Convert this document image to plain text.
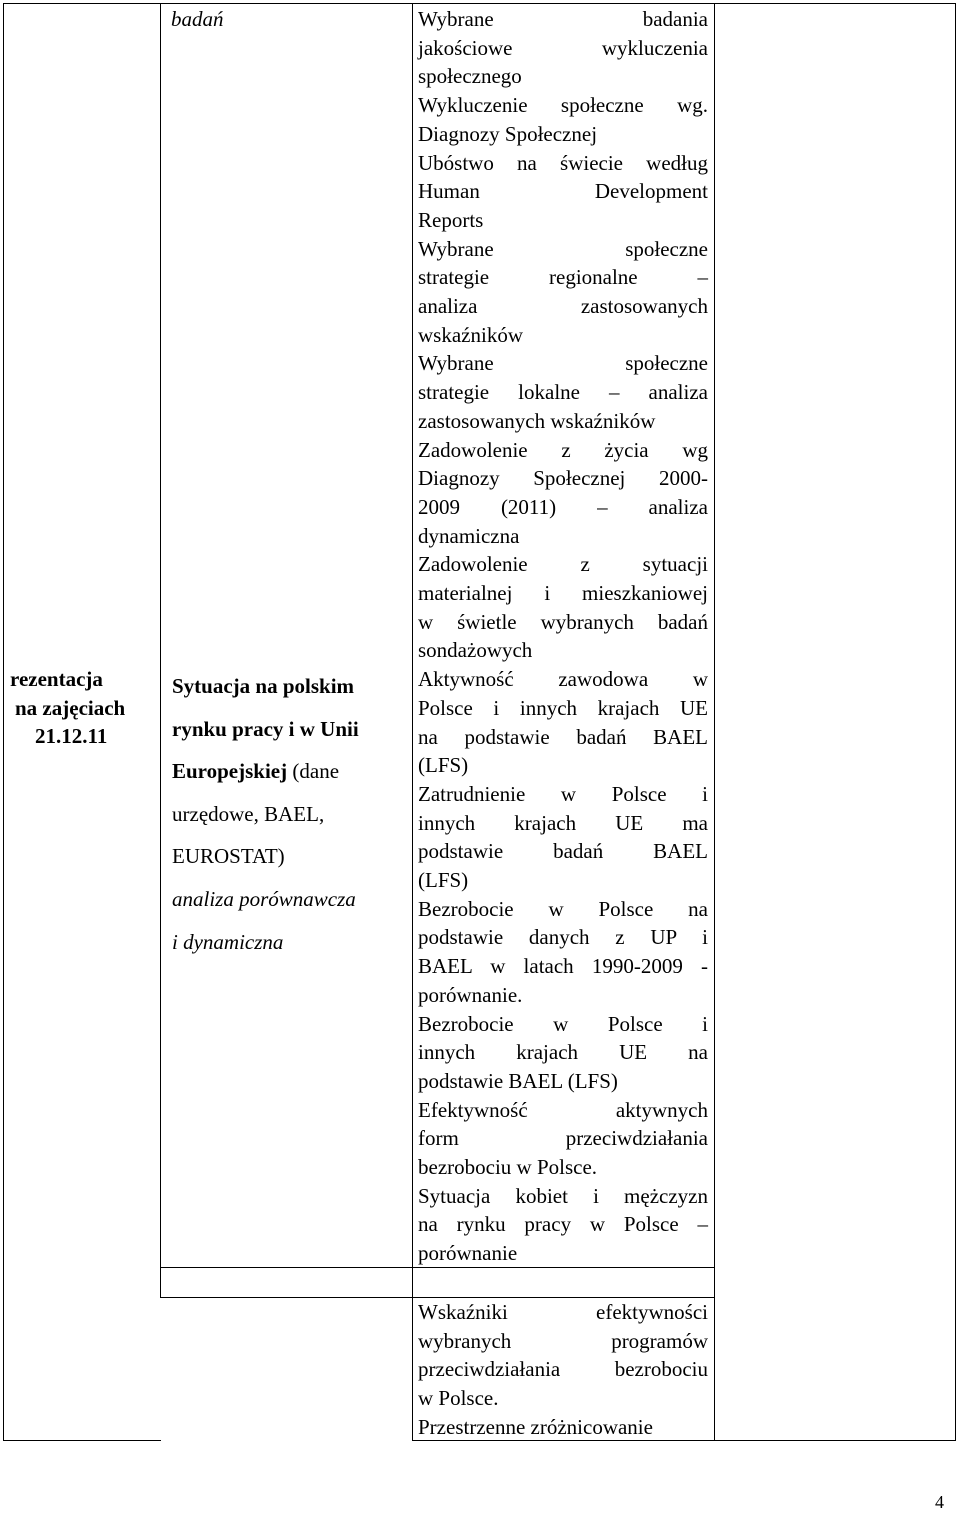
rezentacja
na zajęciach
21.12.11
badań
Sytuacja na polskim
rynku pracy i w Unii
Europejskiej (dane
urzędowe, BAEL,
EUROSTAT)
analiza porównawcza
i dynamiczna
Wybrane badania
jakościowe wykluczenia
społecznego
Wykluczenie społeczne wg.
Diagnozy Społecznej
Ubóstwo na świecie według
Human Development
Reports
Wybrane społeczne
strategie regionalne –
analiza zastosowanych
wskaźników
Wybrane społeczne
strategie lokalne – analiza
zastosowanych wskaźników
Zadowolenie z życia wg
Diagnozy Społecznej 2000-
2009 (2011) – analiza
dynamiczna
Zadowolenie z sytuacji
materialnej i mieszkaniowej
w świetle wybranych badań
sondażowych
Aktywność zawodowa w
Polsce i innych krajach UE
na podstawie badań BAEL
(LFS)
Zatrudnienie w Polsce i
innych krajach UE ma
podstawie badań BAEL
(LFS)
Bezrobocie w Polsce na
podstawie danych z UP i
BAEL w latach 1990-2009 -
porównanie.
Bezrobocie w Polsce i
innych krajach UE na
podstawie BAEL (LFS)
Efektywność aktywnych
form przeciwdziałania
bezrobociu w Polsce.
Sytuacja kobiet i mężczyzn
na rynku pracy w Polsce –
porównanie
Wskaźniki efektywności
wybranych programów
przeciwdziałania bezrobociu
w Polsce.
Przestrzenne zróżnicowanie
4
